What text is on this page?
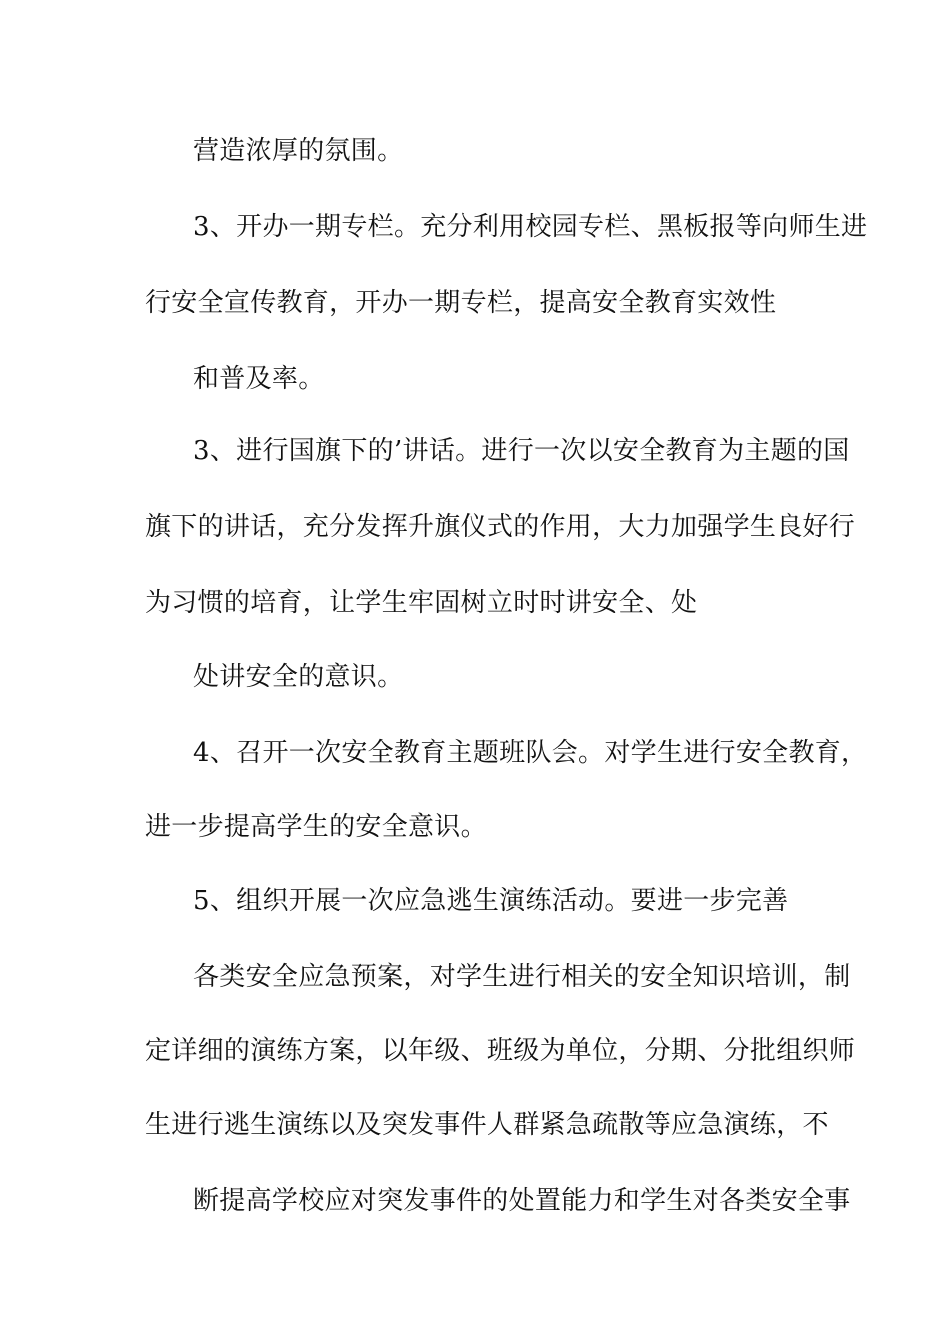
营造浓厚的氛围。
3、开办一期专栏。充分利用校园专栏、黑板报等向师生进
行安全宣传教育，开办一期专栏，提高安全教育实效性
和普及率。
3、进行国旗下的’讲话。进行一次以安全教育为主题的国
旗下的讲话，充分发挥升旗仪式的作用，大力加强学生良好行
为习惯的培育，让学生牢固树立时时讲安全、处
处讲安全的意识。
4、召开一次安全教育主题班队会。对学生进行安全教育，
进一步提高学生的安全意识。
5、组织开展一次应急逃生演练活动。要进一步完善
各类安全应急预案，对学生进行相关的安全知识培训，制
定详细的演练方案，以年级、班级为单位，分期、分批组织师
生进行逃生演练以及突发事件人群紧急疏散等应急演练，不
断提高学校应对突发事件的处置能力和学生对各类安全事
